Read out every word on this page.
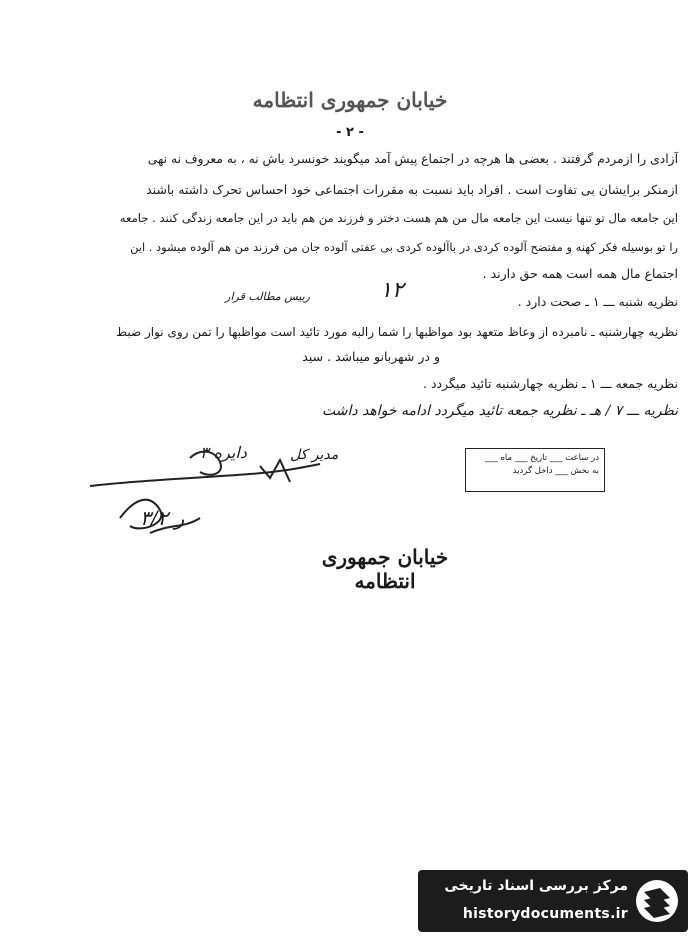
خیابان جمهوری انتظامه
- ۲ -
آزادی را ازمردم گرفتند . بعضی ها هرچه در اجتماع پیش آمد میگویند خونسرد باش نه ، به معروف نه نهی
ازمنکر برایشان بی تفاوت است . افراد باید نسبت به مقررات اجتماعی خود احساس تحرک داشته باشند
این جامعه مال تو تنها نیست این جامعه مال من هم هست دختر و فرزند من هم باید در این جامعه زندگی کنند . جامعه
را تو بوسیله فکر کهنه و مفتضح آلوده کردی در باآلوده کردی بی عفتی آلوده جان من فرزند من هم آلوده میشود . این
اجتماع مال همه است همه حق دارند .
نظریه شنبه ـــ ۱ ـ صحت دارد .
نظریه چهارشنبه ـ نامبرده از وعاظ متعهد بود مواظبها را شما رالبه مورد تائید است مواظبها را تمن روی نوار ضبط
و در شهربانو میباشد . سید
نظریه جمعه ـــ ۱ ـ نظریه چهارشنبه تائید میگردد .
نظریه ـــ ۷ / هـ ـ نظریه جمعه تائید میگردد ادامه خواهد داشت
رییس مطالب قرار	۱۲
در ساعت ___ تاریخ ___ ماه ___
به بخش ___ داخل گردید
دایره ۳	مدیر کل
ر ۳/۲
خیابان جمهوری انتظامه
مرکز بررسی اسناد تاریخی
historydocuments.ir
